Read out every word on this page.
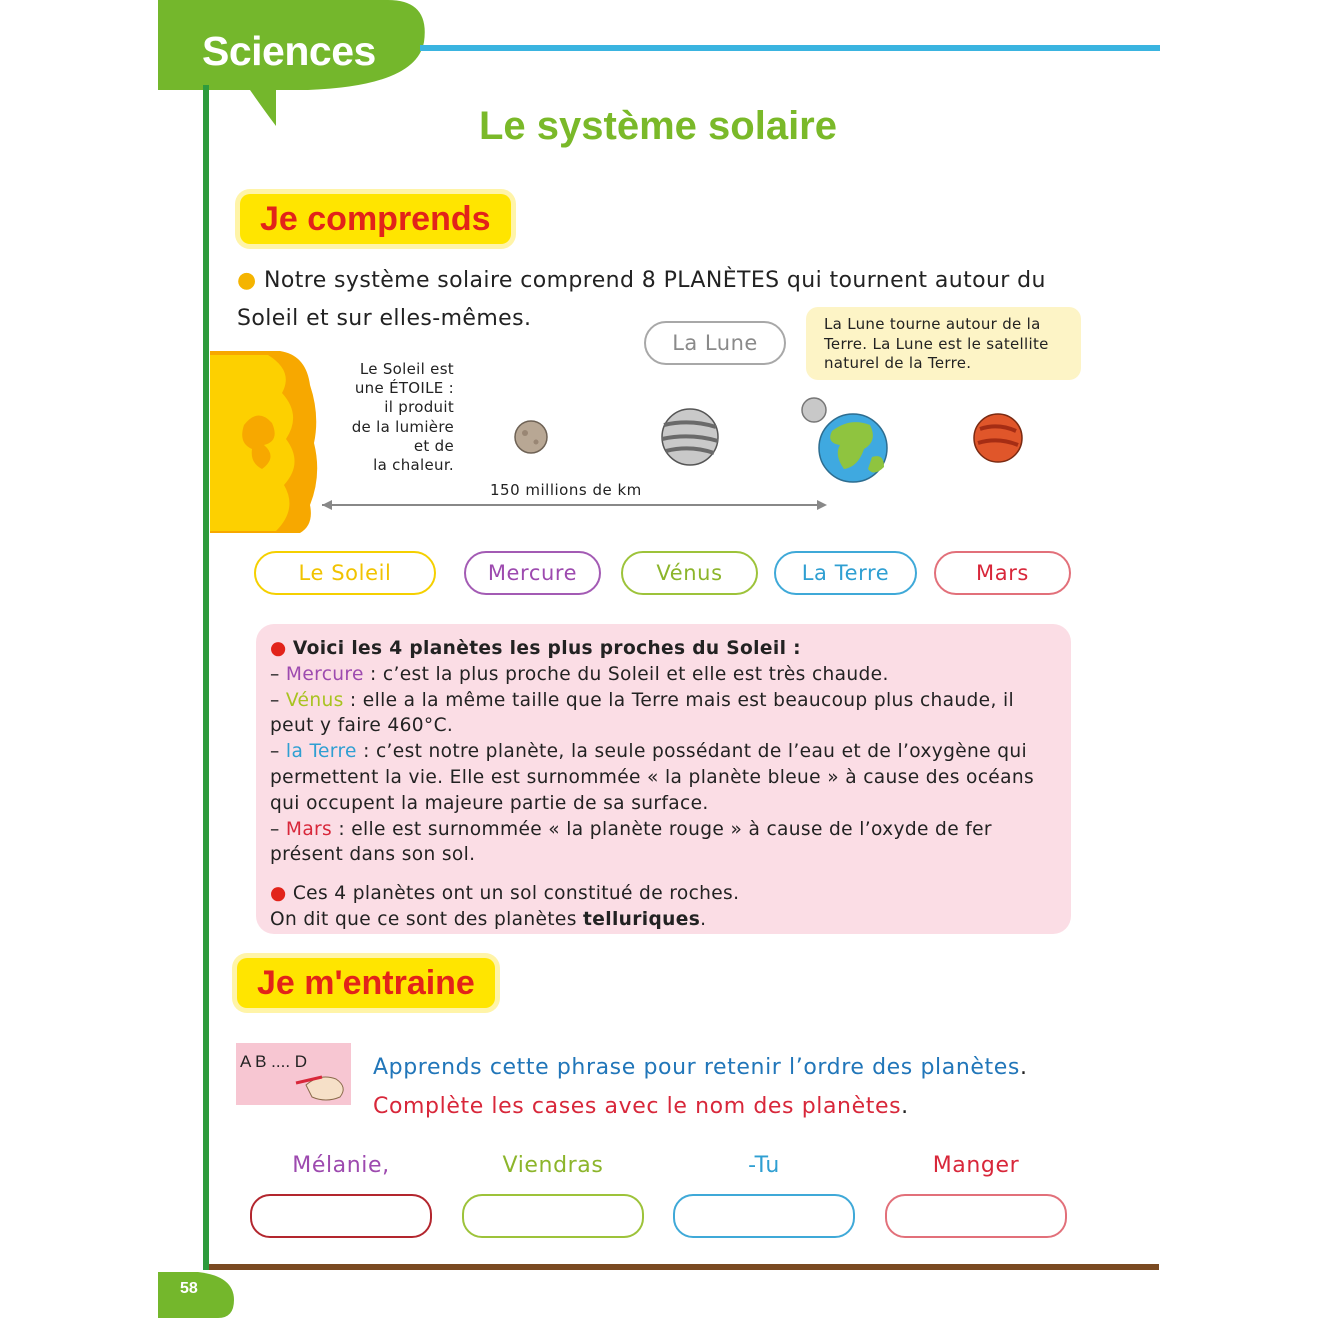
Sciences
58
Le système solaire
Je comprends
● Notre système solaire comprend 8 PLANÈTES qui tournent autour du Soleil et sur elles-mêmes.
La Lune
La Lune tourne autour de la Terre. La Lune est le satellite naturel de la Terre.
Le Soleil est
une ÉTOILE :
il produit
de la lumière
et de
la chaleur.
150 millions de km
Le Soleil	Mercure	Vénus	La Terre	Mars

● Voici les 4 planètes les plus proches du Soleil :

– Mercure : c’est la plus proche du Soleil et elle est très chaude.

– Vénus : elle a la même taille que la Terre mais est beaucoup plus chaude, il peut y faire 460°C.

– la Terre : c’est notre planète, la seule possédant de l’eau et de l’oxygène qui permettent la vie. Elle est surnommée « la planète bleue » à cause des océans qui occupent la majeure partie de sa surface.

– Mars : elle est surnommée « la planète rouge » à cause de l’oxyde de fer présent dans son sol.

● Ces 4 planètes ont un sol constitué de roches.

On dit que ce sont des planètes telluriques.

Je m'entraine
A B .... D	Apprends cette phrase pour retenir l’ordre des planètes.
Complète les cases avec le nom des planètes.
Mélanie,	Viendras	-Tu	Manger
